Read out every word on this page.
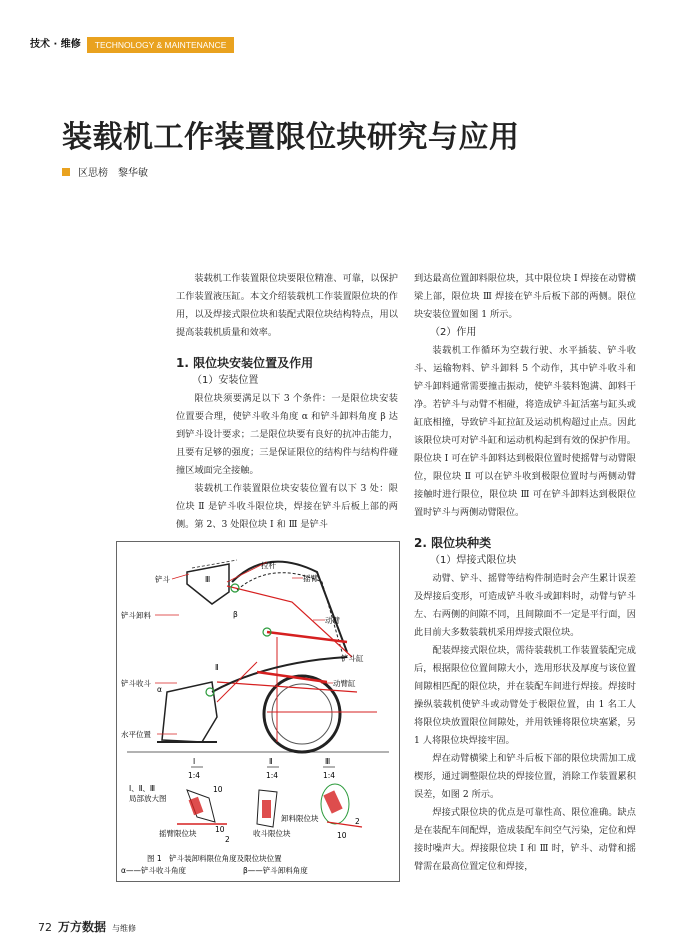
技术 · 维修	TECHNOLOGY & MAINTENANCE
装载机工作装置限位块研究与应用
区思榜　黎华敏

装载机工作装置限位块要限位精准、可靠，以保护工作装置液压缸。本文介绍装载机工作装置限位块的作用，以及焊接式限位块和装配式限位块结构特点，用以提高装载机质量和效率。

1. 限位块安装位置及作用
（1）安装位置

限位块须要满足以下 3 个条件：一是限位块安装位置要合理，使铲斗收斗角度 α 和铲斗卸料角度 β 达到铲斗设计要求；二是限位块要有良好的抗冲击能力，且要有足够的强度；三是保证限位的结构件与结构件碰撞区域面完全接触。

装载机工作装置限位块安装位置有以下 3 处：限位块 Ⅱ 是铲斗收斗限位块，焊接在铲斗后板上部的两侧。第 2、3 处限位块 Ⅰ 和 Ⅲ 是铲斗

到达最高位置卸料限位块，其中限位块 Ⅰ 焊接在动臂横梁上部，限位块 Ⅲ 焊接在铲斗后板下部的两侧。限位块安装位置如图 1 所示。

（2）作用

装载机工作循环为空载行驶、水平插装、铲斗收斗、运输物料、铲斗卸料 5 个动作，其中铲斗收斗和铲斗卸料通常需要撞击振动，使铲斗装料饱满、卸料干净。若铲斗与动臂不相碰，将造成铲斗缸活塞与缸头或缸底相撞，导致铲斗缸拉缸及运动机构超过止点。因此该限位块可对铲斗缸和运动机构起到有效的保护作用。限位块 Ⅰ 可在铲斗卸料达到极限位置时使摇臂与动臂限位，限位块 Ⅱ 可以在铲斗收到极限位置时与两侧动臂接触时进行限位，限位块 Ⅲ 可在铲斗卸料达到极限位置时铲斗与两侧动臂限位。

2. 限位块种类
（1）焊接式限位块

动臂、铲斗、摇臂等结构件制造时会产生累计误差及焊接后变形，可造成铲斗收斗或卸料时，动臂与铲斗左、右两侧的间隙不同，且间隙面不一定是平行面，因此目前大多数装载机采用焊接式限位块。

配装焊接式限位块，需待装载机工作装置装配完成后，根据限位位置间隙大小，选用形状及厚度与该位置间隙相匹配的限位块，并在装配车间进行焊接。焊接时操纵装载机使铲斗或动臂处于极限位置，由 1 名工人将限位块放置限位间隙处，并用铁锤将限位块塞紧，另 1 人将限位块焊接牢固。

焊在动臂横梁上和铲斗后板下部的限位块需加工成楔形，通过调整限位块的焊接位置，消除工作装置累积误差，如图 2 所示。

焊接式限位块的优点是可靠性高、限位准确。缺点是在装配车间配焊，造成装配车间空气污染，定位和焊接时噪声大。焊接限位块 Ⅰ 和 Ⅲ 时，铲斗、动臂和摇臂需在最高位置定位和焊接，

铲斗	Ⅲ
拉杆
摇臂
铲斗卸料	β
动臂
铲斗缸
Ⅱ
铲斗收斗	动臂缸
α
水平位置
Ⅰ
1:4
Ⅱ
1:4
Ⅲ
1:4
Ⅰ、Ⅱ、Ⅲ
局部放大图
10
10
2
2
10
卸料限位块
摇臂限位块	收斗限位块
图 1　铲斗装卸料限位角度及限位块位置
α——铲斗收斗角度	β——铲斗卸料角度
72 万方数据 与维修
